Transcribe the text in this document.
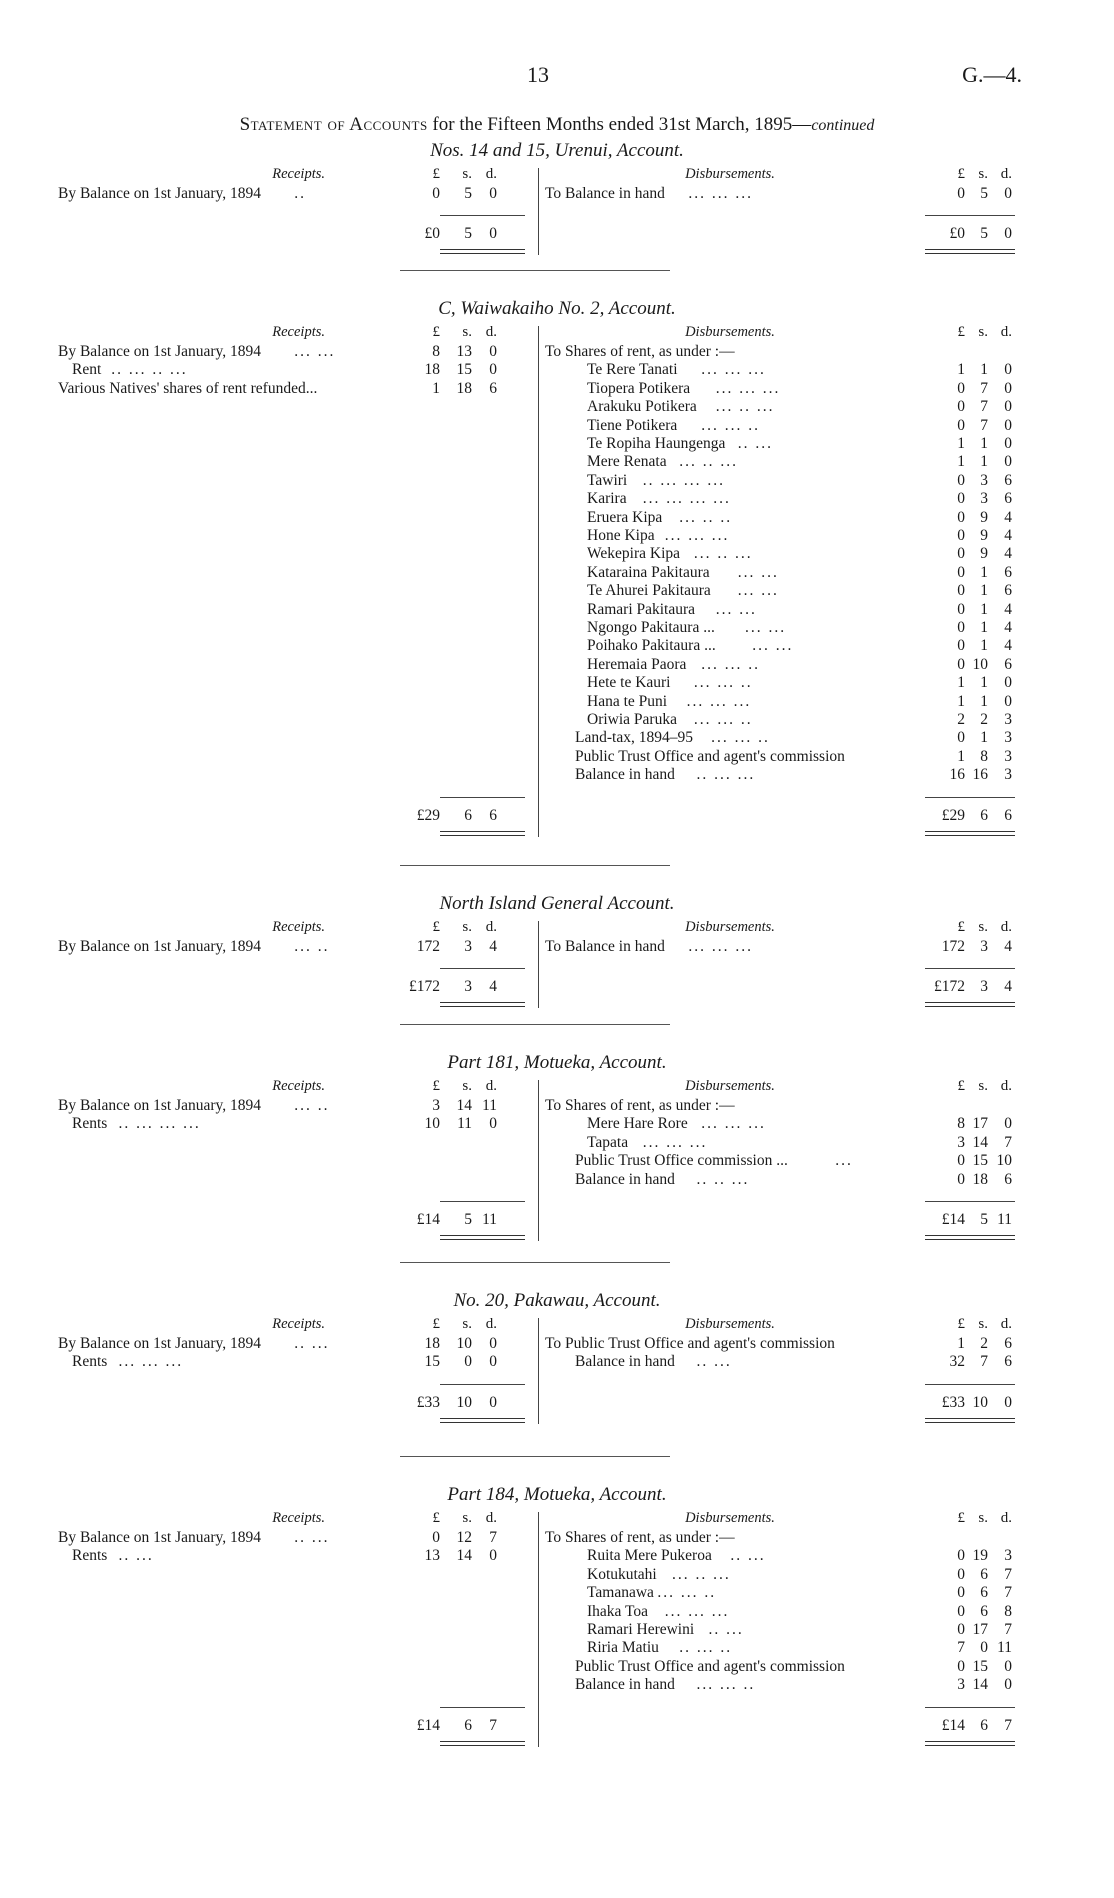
13	G.—4.
Statement of Accounts for the Fifteen Months ended 31st March, 1895—continued
Nos. 14 and 15, Urenui, Account.
Receipts.	Disbursements.
£	s. d.	£ s. d.
By Balance on 1st January, 1894 ..	0	5	0	To Balance in hand ... ... ...	0 5	0
£0	5	0	£0 5	0
C, Waiwakaiho No. 2, Account.
Receipts.	Disbursements.
£	s. d.	£ s. d.
By Balance on 1st January, 1894 ... ...	8	13	0
Rent .. ... .. ...	18	15	0
Various Natives' shares of rent refunded...	1	18	6
To Shares of rent, as under :—
Te Rere Tanati ... ... ...	1 1	0
Tiopera Potikera ... ... ...	0 7	0
Arakuku Potikera ... .. ...	0 7	0
Tiene Potikera ... ... ..	0 7	0
Te Ropiha Haungenga .. ...	1 1	0
Mere Renata ... .. ...	1 1	0
Tawiri .. ... ... ...	0 3	6
Karira ... ... ... ...	0 3	6
Eruera Kipa ... .. ..	0 9	4
Hone Kipa ... ... ...	0 9	4
Wekepira Kipa ... .. ...	0 9	4
Kataraina Pakitaura ... ...	0 1	6
Te Ahurei Pakitaura ... ...	0 1	6
Ramari Pakitaura ... ...	0 1	4
Ngongo Pakitaura ... ... ...	0 1	4
Poihako Pakitaura ... ... ...	0 1	4
Heremaia Paora ... ... ..	0 10	6
Hete te Kauri ... ... ..	1 1	0
Hana te Puni ... ... ...	1 1	0
Oriwia Paruka ... ... ..	2 2	3
Land-tax, 1894–95 ... ... ..	0 1	3
Public Trust Office and agent's commission	1 8	3
Balance in hand .. ... ...	16 16	3
£29	6	6	£29 6	6
North Island General Account.
Receipts.	Disbursements.
£	s. d.	£ s. d.
By Balance on 1st January, 1894 ... ..	172	3	4	To Balance in hand ... ... ...	172 3	4
£172	3	4	£172 3	4
Part 181, Motueka, Account.
Receipts.	Disbursements.
£	s. d.	£ s. d.
By Balance on 1st January, 1894 ... ..	3	14 11
Rents .. ... ... ...	10	11	0
To Shares of rent, as under :—
Mere Hare Rore ... ... ...	8 17	0
Tapata ... ... ...	3 14	7
Public Trust Office commission ...	...	0 15 10
Balance in hand .. .. ...	0 18	6
£14	5 11	£14 5 11
No. 20, Pakawau, Account.
Receipts.	Disbursements.
£	s. d.	£ s. d.
By Balance on 1st January, 1894 .. ...	18	10	0
Rents ... ... ...	15	0	0
To Public Trust Office and agent's commission	1 2	6
Balance in hand .. ...	32 7	6
£33	10	0	£33 10	0
Part 184, Motueka, Account.
Receipts.	Disbursements.
£	s. d.	£ s. d.
By Balance on 1st January, 1894 .. ...	0	12	7
Rents .. ...	13	14	0
To Shares of rent, as under :—
Ruita Mere Pukeroa .. ...	0 19	3
Kotukutahi ... .. ...	0 6	7
Tamanawa ... ... ..	0 6	7
Ihaka Toa ... ... ...	0 6	8
Ramari Herewini .. ...	0 17	7
Riria Matiu .. ... ..	7 0 11
Public Trust Office and agent's commission	0 15	0
Balance in hand ... ... ..	3 14	0
£14	6	7	£14 6	7
